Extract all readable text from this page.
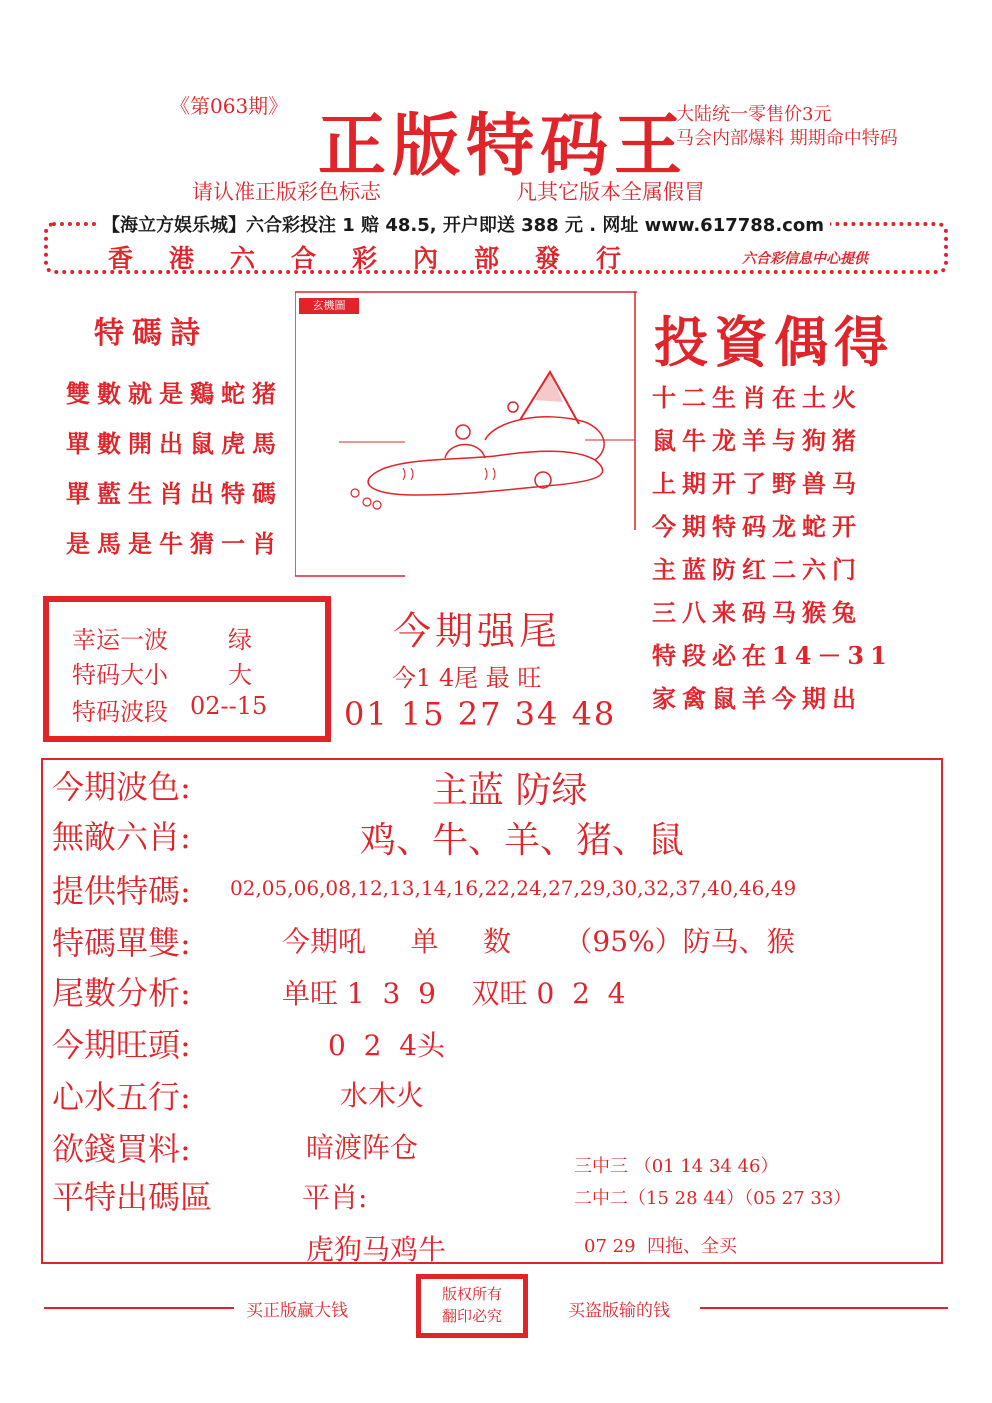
《第063期》
正版特码王
大陆统一零售价3元
马会内部爆料 期期命中特码
请认准正版彩色标志	凡其它版本全属假冒
【海立方娱乐城】六合彩投注 1 赔 48.5, 开户即送 388 元 . 网址 www.617788.com
香港六合彩內部發行	六合彩信息中心提供
特碼詩
雙數就是鷄蛇猪
單數開出鼠虎馬
單藍生肖出特碼
是馬是牛猜一肖
玄機圖
投資偶得
十二生肖在土火
鼠牛龙羊与狗猪
上期开了野兽马
今期特码龙蛇开
主蓝防红二六门
三八来码马猴兔
特段必在14－31
家禽鼠羊今期出
幸运一波	绿
特码大小	大
特码波段 02--15
今期强尾
今1 4尾 最 旺
01 15 27 34 48
今期波色:	主蓝 防绿
無敵六肖:	鸡、牛、羊、猪、鼠
提供特碼: 02,05,06,08,12,13,14,16,22,24,27,29,30,32,37,40,46,49
特碼單雙:	今期吼     单     数      （95%）防马、猴
尾數分析:	单旺 1  3  9    双旺 0  2  4
今期旺頭:	0  2  4头
心水五行:	水木火
欲錢買料:	暗渡阵仓
平特出碼區	平肖:
虎狗马鸡牛
三中三 （01 14 34 46）
二中二（15 28 44）（05 27 33）
07 29  四拖、全买
买正版赢大钱
版权所有
翻印必究	买盗版输的钱
